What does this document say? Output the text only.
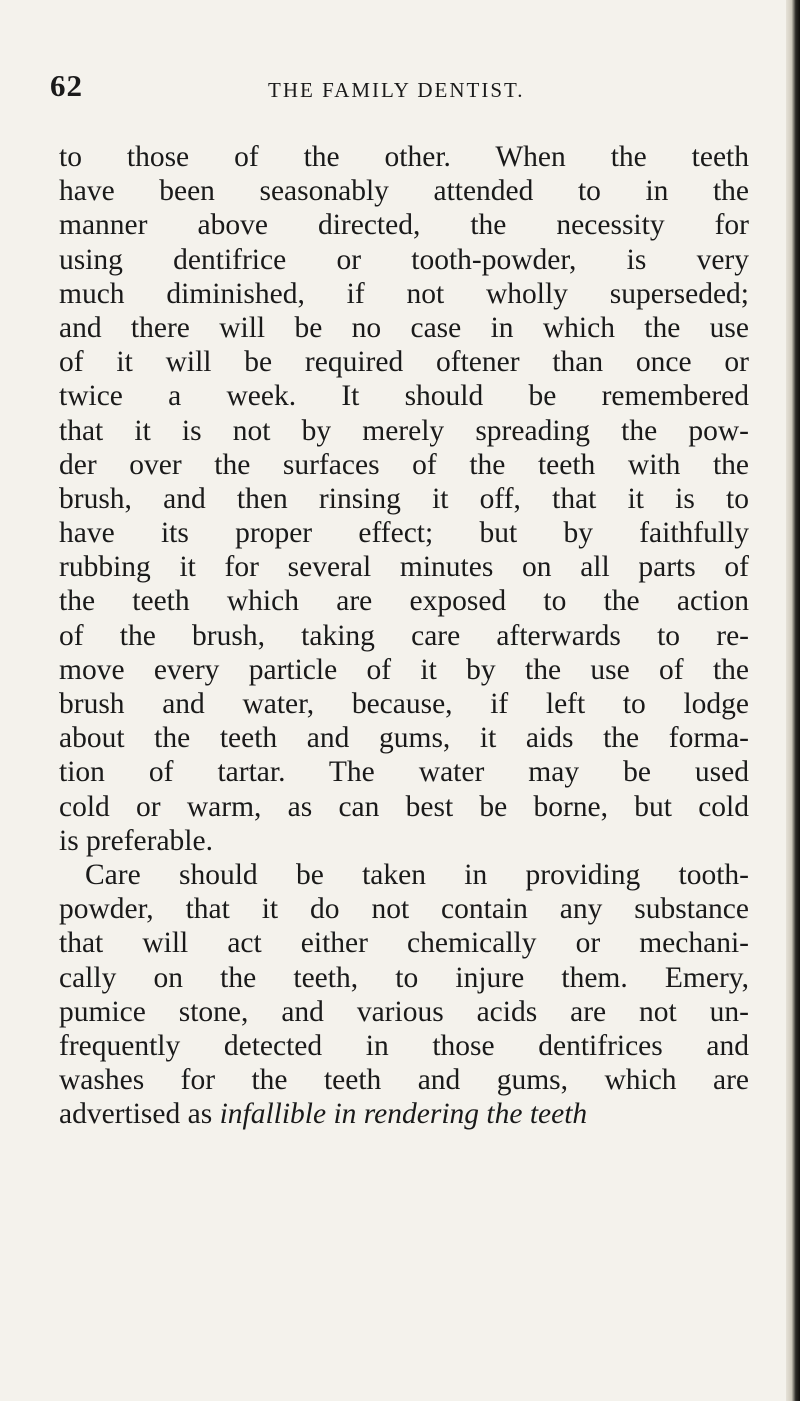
62	THE FAMILY DENTIST.
to those of the other. When the teeth
have been seasonably attended to in the
manner above directed, the necessity for
using dentifrice or tooth-powder, is very
much diminished, if not wholly superseded;
and there will be no case in which the use
of it will be required oftener than once or
twice a week. It should be remembered
that it is not by merely spreading the pow-
der over the surfaces of the teeth with the
brush, and then rinsing it off, that it is to
have its proper effect; but by faithfully
rubbing it for several minutes on all parts of
the teeth which are exposed to the action
of the brush, taking care afterwards to re-
move every particle of it by the use of the
brush and water, because, if left to lodge
about the teeth and gums, it aids the forma-
tion of tartar. The water may be used
cold or warm, as can best be borne, but cold
is preferable.
Care should be taken in providing tooth-
powder, that it do not contain any substance
that will act either chemically or mechani-
cally on the teeth, to injure them. Emery,
pumice stone, and various acids are not un-
frequently detected in those dentifrices and
washes for the teeth and gums, which are
advertised as infallible in rendering the teeth
